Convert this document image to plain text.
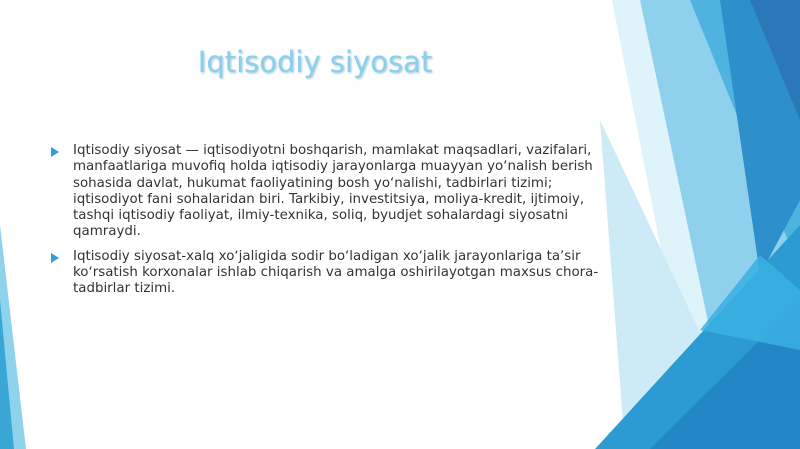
Iqtisodiy siyosat
Iqtisodiy siyosat — iqtisodiyotni boshqarish, mamlakat maqsadlari, vazifalari, manfaatlariga muvofiq holda iqtisodiy jarayonlarga muayyan yoʻnalish berish sohasida davlat, hukumat faoliyatining bosh yoʻnalishi, tadbirlari tizimi; iqtisodiyot fani sohalaridan biri. Tarkibiy, investitsiya, moliya-kredit, ijtimoiy, tashqi iqtisodiy faoliyat, ilmiy-texnika, soliq, byudjet sohalardagi siyosatni qamraydi.
Iqtisodiy siyosat-xalq xoʻjaligida sodir boʻladigan xoʻjalik jarayonlariga taʼsir koʻrsatish korxonalar ishlab chiqarish va amalga oshirilayotgan maxsus chora-tadbirlar tizimi.
